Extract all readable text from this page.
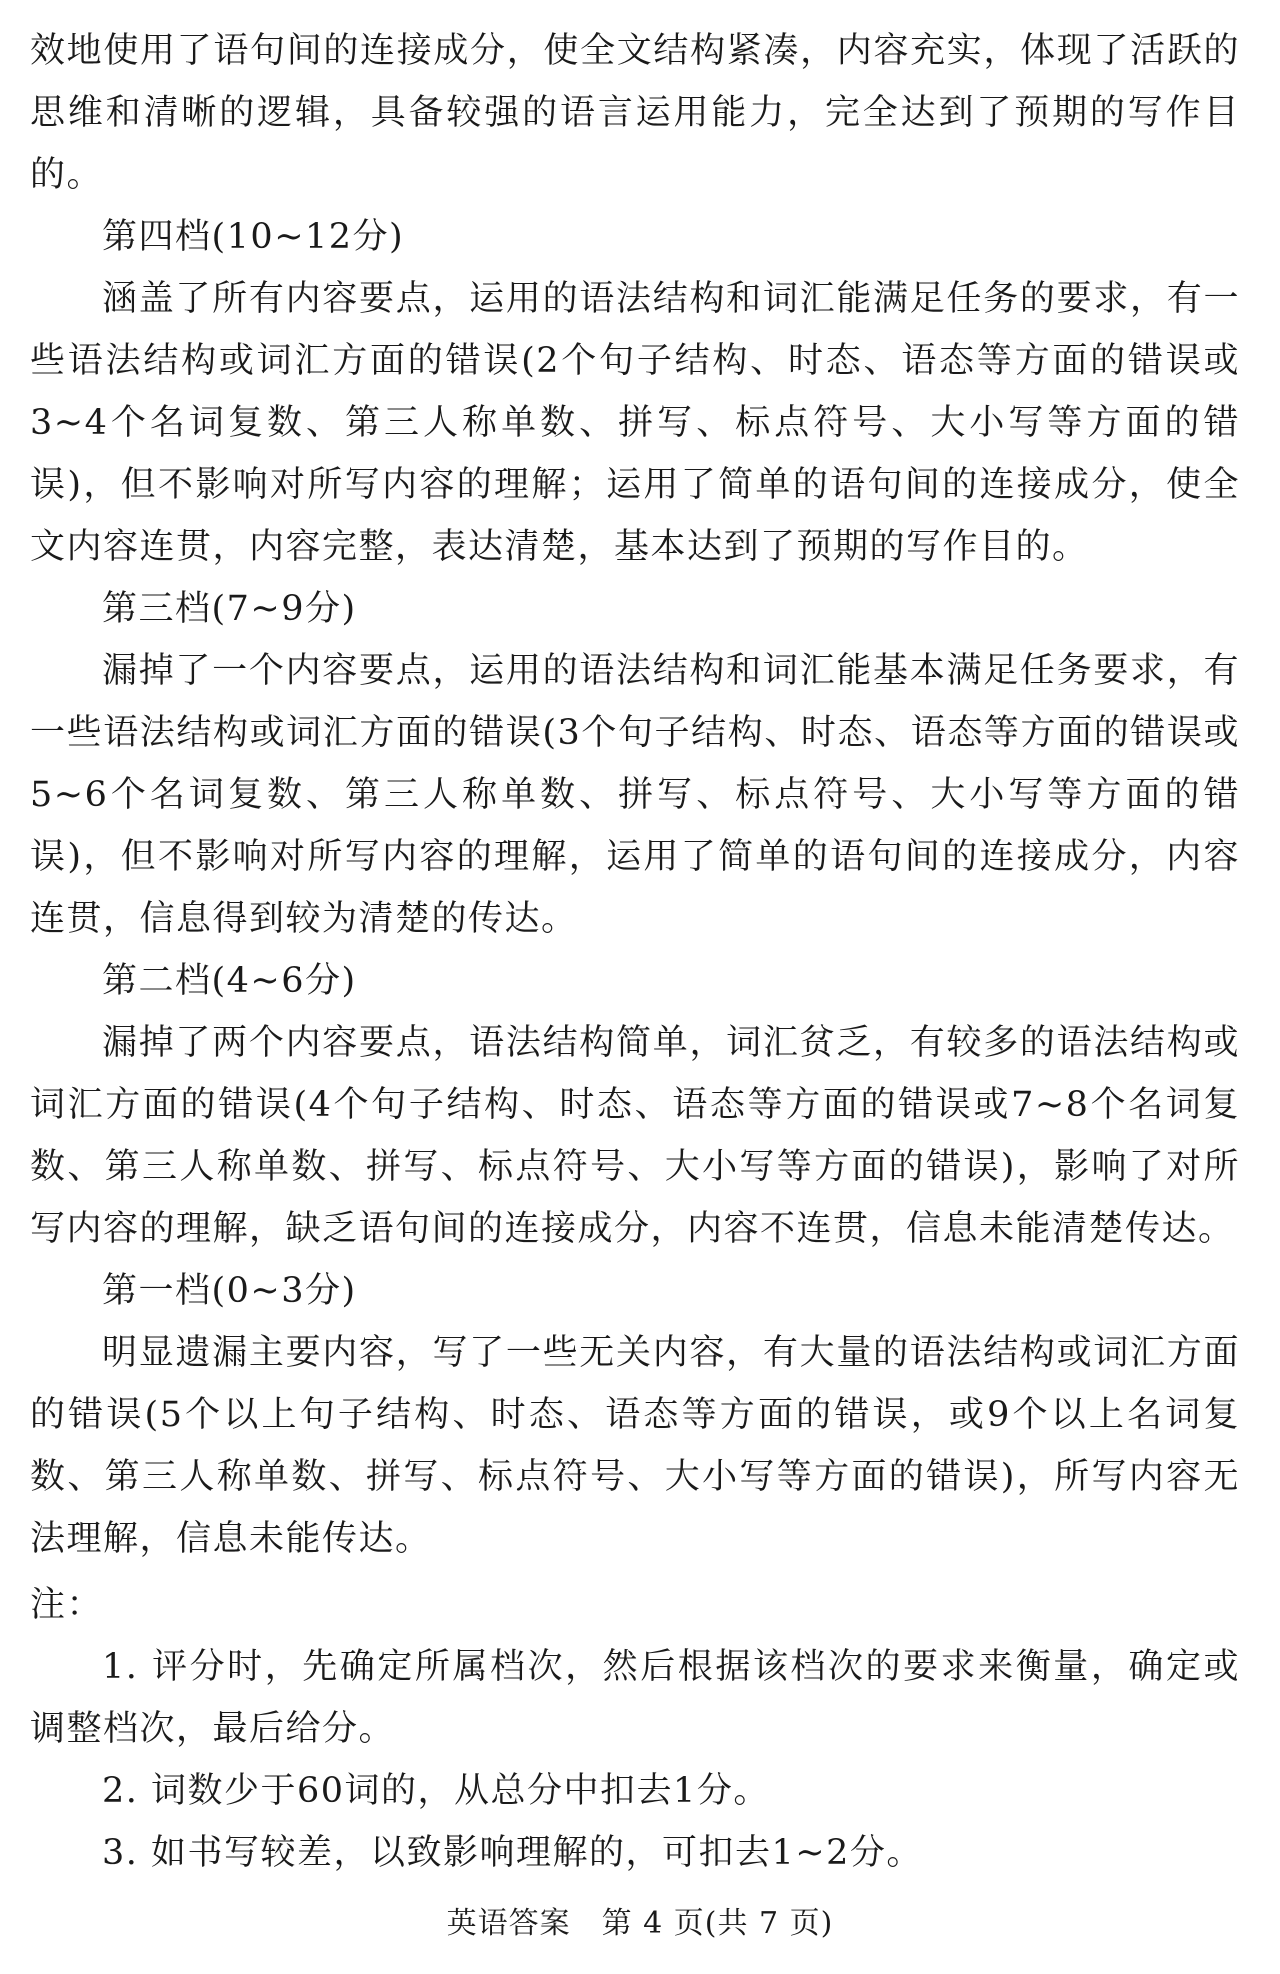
效地使用了语句间的连接成分，使全文结构紧凑，内容充实，体现了活跃的思维和清晰的逻辑，具备较强的语言运用能力，完全达到了预期的写作目的。

第四档(10~12分)

涵盖了所有内容要点，运用的语法结构和词汇能满足任务的要求，有一些语法结构或词汇方面的错误(2个句子结构、时态、语态等方面的错误或3~4个名词复数、第三人称单数、拼写、标点符号、大小写等方面的错误)，但不影响对所写内容的理解；运用了简单的语句间的连接成分，使全文内容连贯，内容完整，表达清楚，基本达到了预期的写作目的。

第三档(7~9分)

漏掉了一个内容要点，运用的语法结构和词汇能基本满足任务要求，有一些语法结构或词汇方面的错误(3个句子结构、时态、语态等方面的错误或5~6个名词复数、第三人称单数、拼写、标点符号、大小写等方面的错误)，但不影响对所写内容的理解，运用了简单的语句间的连接成分，内容连贯，信息得到较为清楚的传达。

第二档(4~6分)

漏掉了两个内容要点，语法结构简单，词汇贫乏，有较多的语法结构或词汇方面的错误(4个句子结构、时态、语态等方面的错误或7~8个名词复数、第三人称单数、拼写、标点符号、大小写等方面的错误)，影响了对所写内容的理解，缺乏语句间的连接成分，内容不连贯，信息未能清楚传达。

第一档(0~3分)

明显遗漏主要内容，写了一些无关内容，有大量的语法结构或词汇方面的错误(5个以上句子结构、时态、语态等方面的错误，或9个以上名词复数、第三人称单数、拼写、标点符号、大小写等方面的错误)，所写内容无法理解，信息未能传达。

注：

1. 评分时，先确定所属档次，然后根据该档次的要求来衡量，确定或调整档次，最后给分。

2. 词数少于60词的，从总分中扣去1分。

3. 如书写较差，以致影响理解的，可扣去1~2分。

英语答案　第 4 页(共 7 页)
